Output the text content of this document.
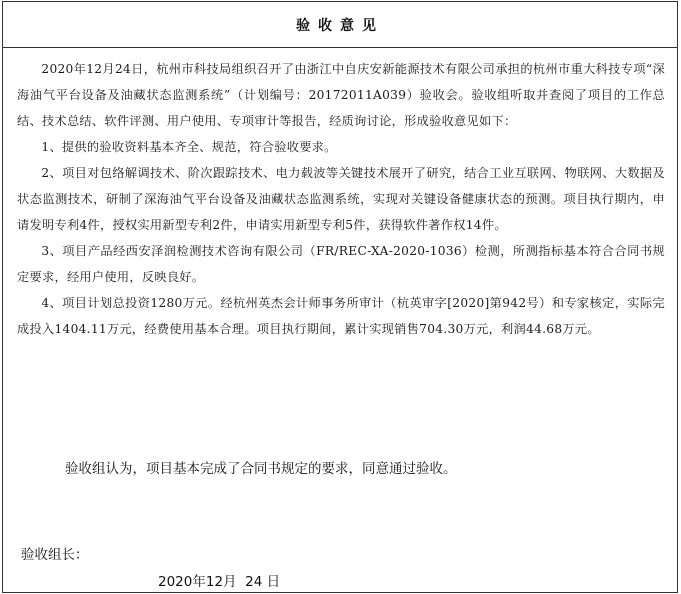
验收意见

2020年12月24日，杭州市科技局组织召开了由浙江中自庆安新能源技术有限公司承担的杭州市重大科技专项“深海油气平台设备及油藏状态监测系统”（计划编号：20172011A039）验收会。验收组听取并查阅了项目的工作总结、技术总结、软件评测、用户使用、专项审计等报告，经质询讨论，形成验收意见如下：

1、提供的验收资料基本齐全、规范，符合验收要求。

2、项目对包络解调技术、阶次跟踪技术、电力载波等关键技术展开了研究，结合工业互联网、物联网、大数据及状态监测技术，研制了深海油气平台设备及油藏状态监测系统，实现对关键设备健康状态的预测。项目执行期内，申请发明专利4件，授权实用新型专利2件，申请实用新型专利5件，获得软件著作权14件。

3、项目产品经西安泽润检测技术咨询有限公司（FR/REC-XA-2020-1036）检测，所测指标基本符合合同书规定要求，经用户使用，反映良好。

4、项目计划总投资1280万元。经杭州英杰会计师事务所审计（杭英审字[2020]第942号）和专家核定，实际完成投入1404.11万元，经费使用基本合理。项目执行期间，累计实现销售704.30万元，利润44.68万元。

验收组认为，项目基本完成了合同书规定的要求，同意通过验收。
验收组长：
2020年12月  24 日
